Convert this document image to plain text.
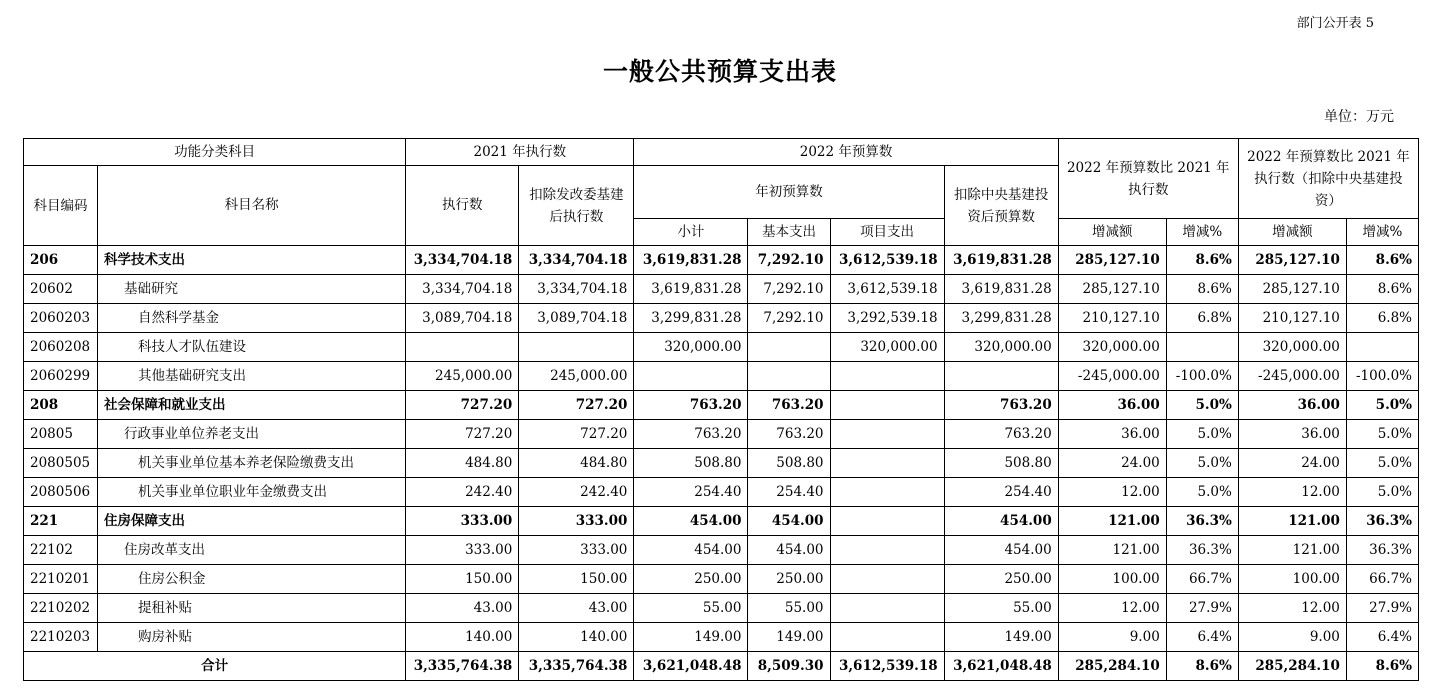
部门公开表 5
一般公共预算支出表
单位：万元
功能分类科目		2021 年执行数		2022 年预算数				2022 年预算数比 2021 年执行数		2022 年预算数比 2021 年执行数（扣除中央基建投资）	
科目编码	科目名称	执行数	扣除发改委基建后执行数	年初预算数			扣除中央基建投资后预算数				
				小计	基本支出	项目支出		增减额	增减%	增减额	增减%
206	科学技术支出	3,334,704.18	3,334,704.18	3,619,831.28	7,292.10	3,612,539.18	3,619,831.28	285,127.10	8.6%	285,127.10	8.6%
20602	基础研究	3,334,704.18	3,334,704.18	3,619,831.28	7,292.10	3,612,539.18	3,619,831.28	285,127.10	8.6%	285,127.10	8.6%
2060203	自然科学基金	3,089,704.18	3,089,704.18	3,299,831.28	7,292.10	3,292,539.18	3,299,831.28	210,127.10	6.8%	210,127.10	6.8%
2060208	科技人才队伍建设			320,000.00		320,000.00	320,000.00	320,000.00		320,000.00	
2060299	其他基础研究支出	245,000.00	245,000.00					-245,000.00	-100.0%	-245,000.00	-100.0%
208	社会保障和就业支出	727.20	727.20	763.20	763.20		763.20	36.00	5.0%	36.00	5.0%
20805	行政事业单位养老支出	727.20	727.20	763.20	763.20		763.20	36.00	5.0%	36.00	5.0%
2080505	机关事业单位基本养老保险缴费支出	484.80	484.80	508.80	508.80		508.80	24.00	5.0%	24.00	5.0%
2080506	机关事业单位职业年金缴费支出	242.40	242.40	254.40	254.40		254.40	12.00	5.0%	12.00	5.0%
221	住房保障支出	333.00	333.00	454.00	454.00		454.00	121.00	36.3%	121.00	36.3%
22102	住房改革支出	333.00	333.00	454.00	454.00		454.00	121.00	36.3%	121.00	36.3%
2210201	住房公积金	150.00	150.00	250.00	250.00		250.00	100.00	66.7%	100.00	66.7%
2210202	提租补贴	43.00	43.00	55.00	55.00		55.00	12.00	27.9%	12.00	27.9%
2210203	购房补贴	140.00	140.00	149.00	149.00		149.00	9.00	6.4%	9.00	6.4%
合计		3,335,764.38	3,335,764.38	3,621,048.48	8,509.30	3,612,539.18	3,621,048.48	285,284.10	8.6%	285,284.10	8.6%
